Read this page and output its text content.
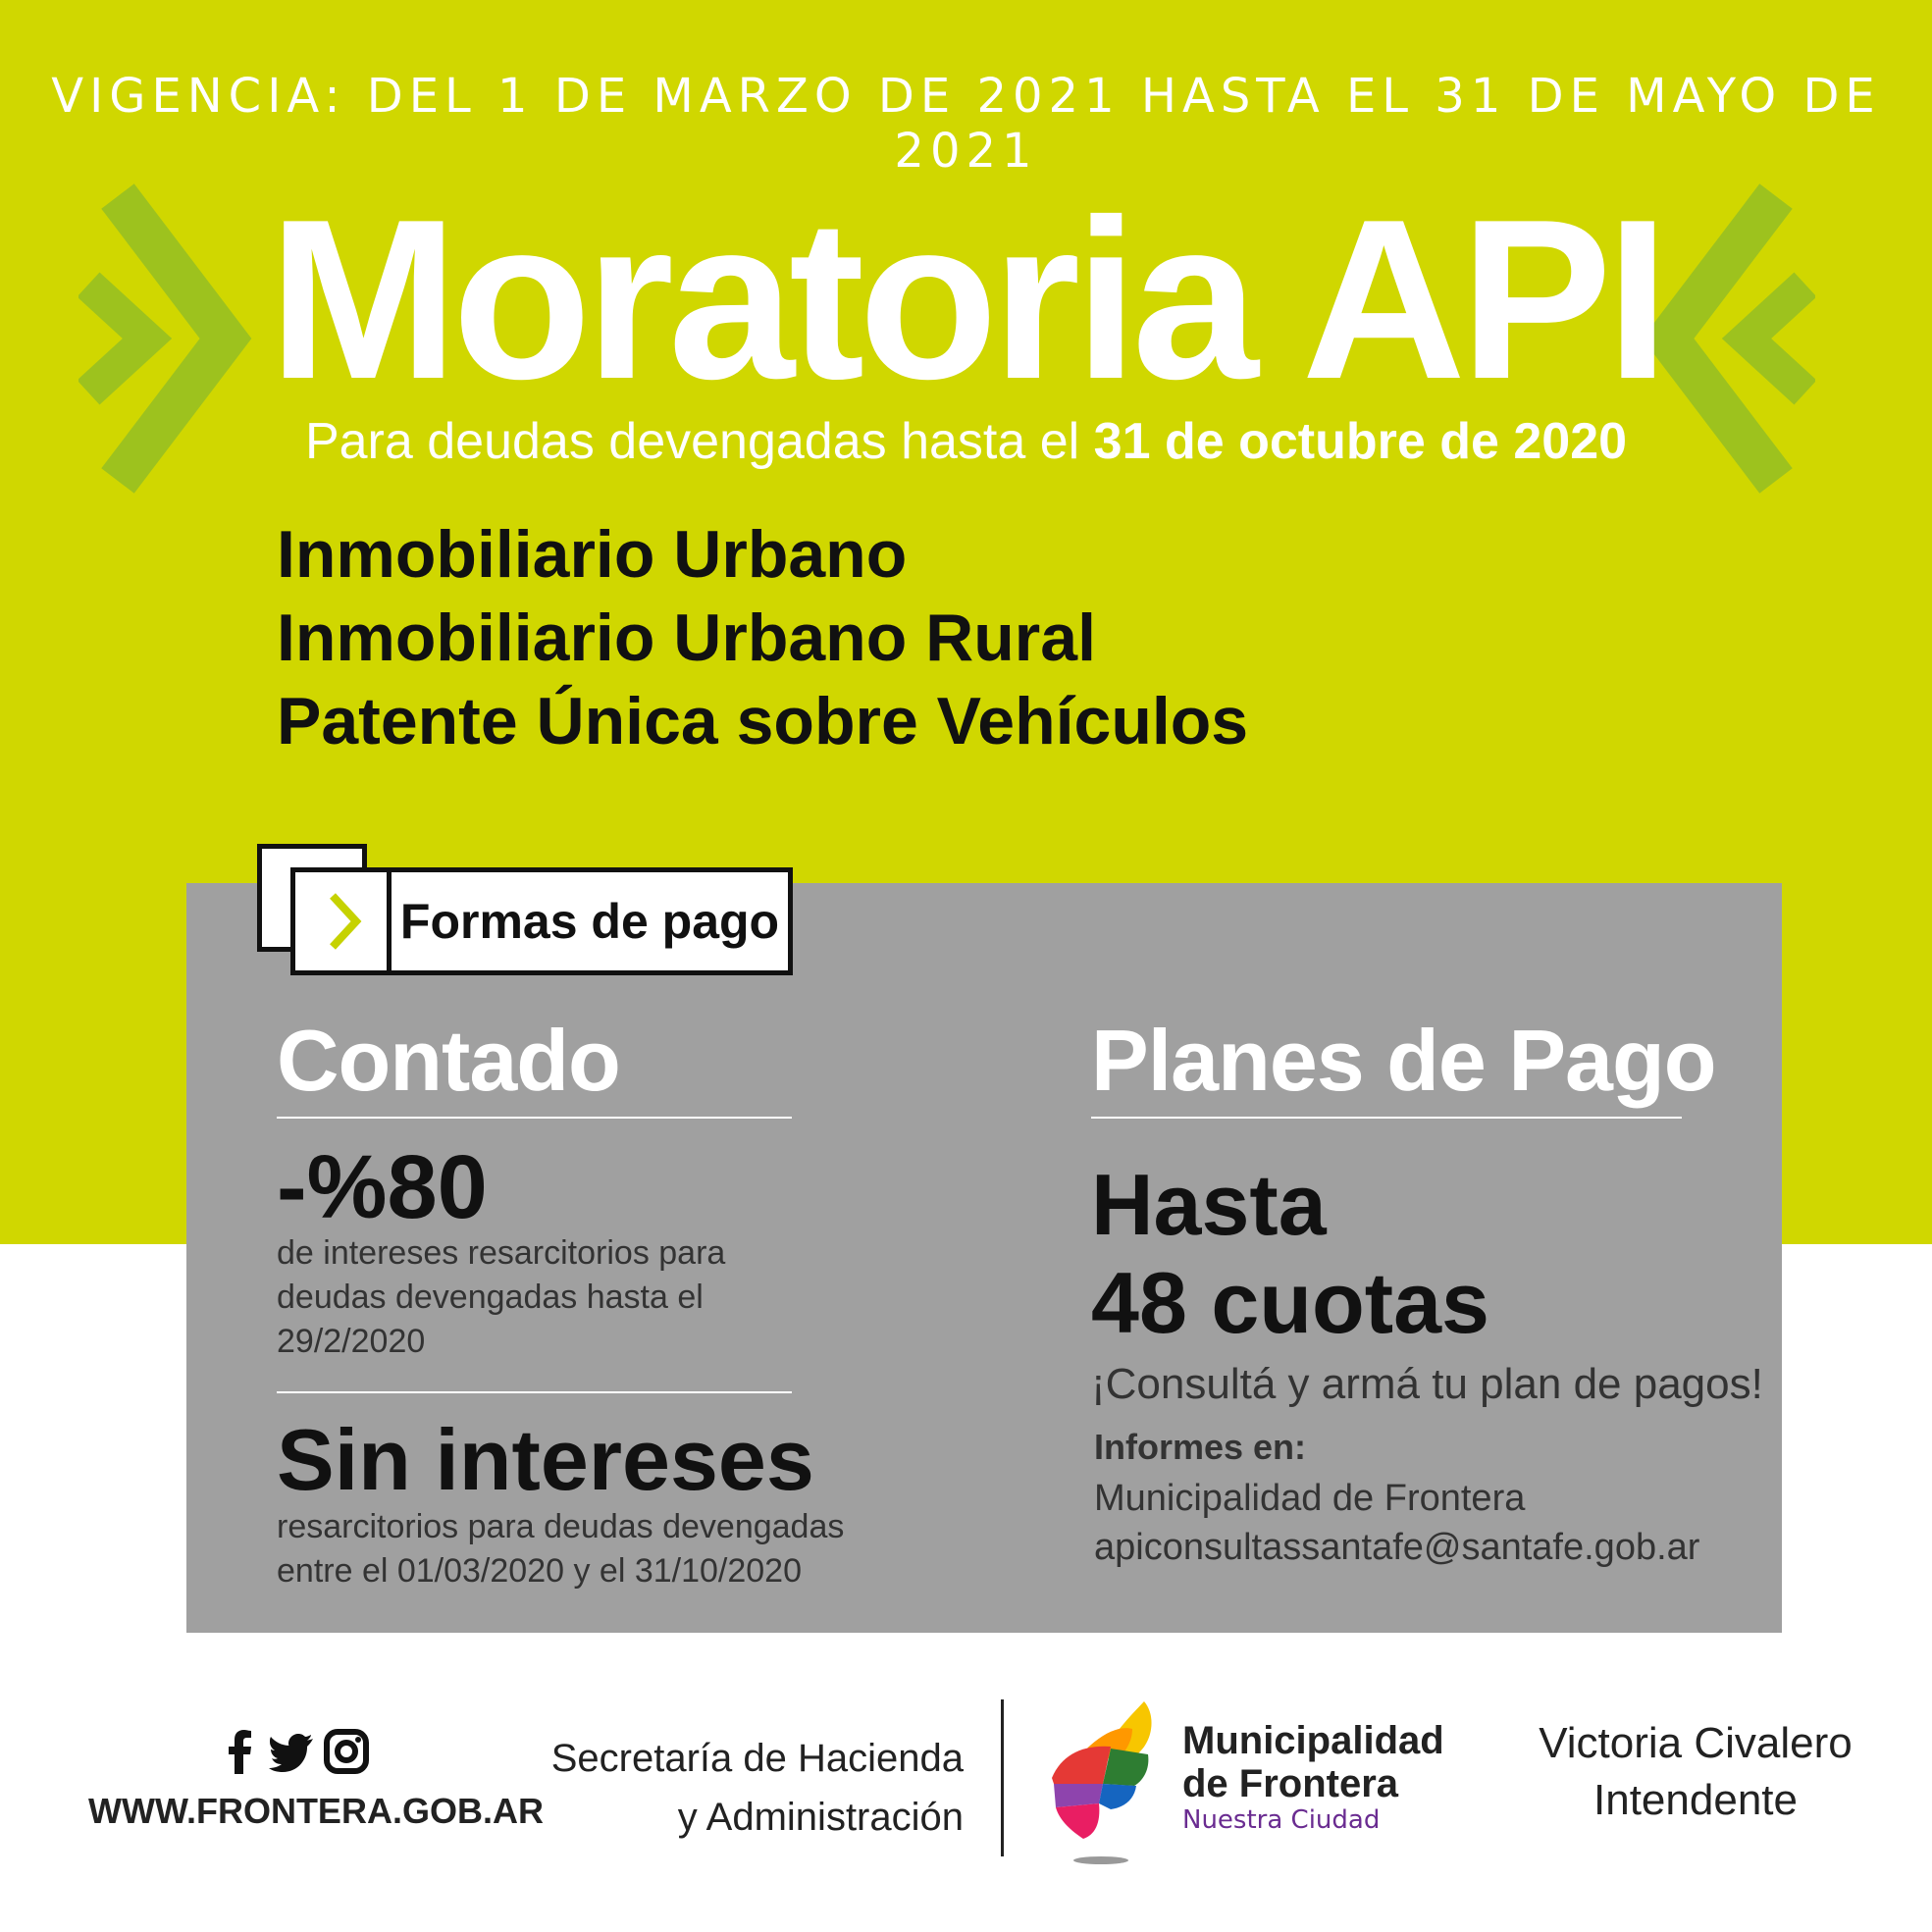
VIGENCIA: DEL 1 DE MARZO DE 2021 HASTA EL 31 DE MAYO DE 2021
Moratoria API
Para deudas devengadas hasta el 31 de octubre de 2020
Inmobiliario Urbano
Inmobiliario Urbano Rural
Patente Única sobre Vehículos
Formas de pago
Contado
-%80
de intereses resarcitorios para
deudas devengadas hasta el
29/2/2020
Sin intereses
resarcitorios para deudas devengadas
entre el 01/03/2020 y el 31/10/2020
Planes de Pago
Hasta
48 cuotas
¡Consultá y armá tu plan de pagos!
Informes en:
Municipalidad de Frontera
apiconsultassantafe@santafe.gob.ar
WWW.FRONTERA.GOB.AR
Secretaría de Hacienda
y Administración
Municipalidad
de Frontera
Nuestra Ciudad
Victoria Civalero
Intendente
